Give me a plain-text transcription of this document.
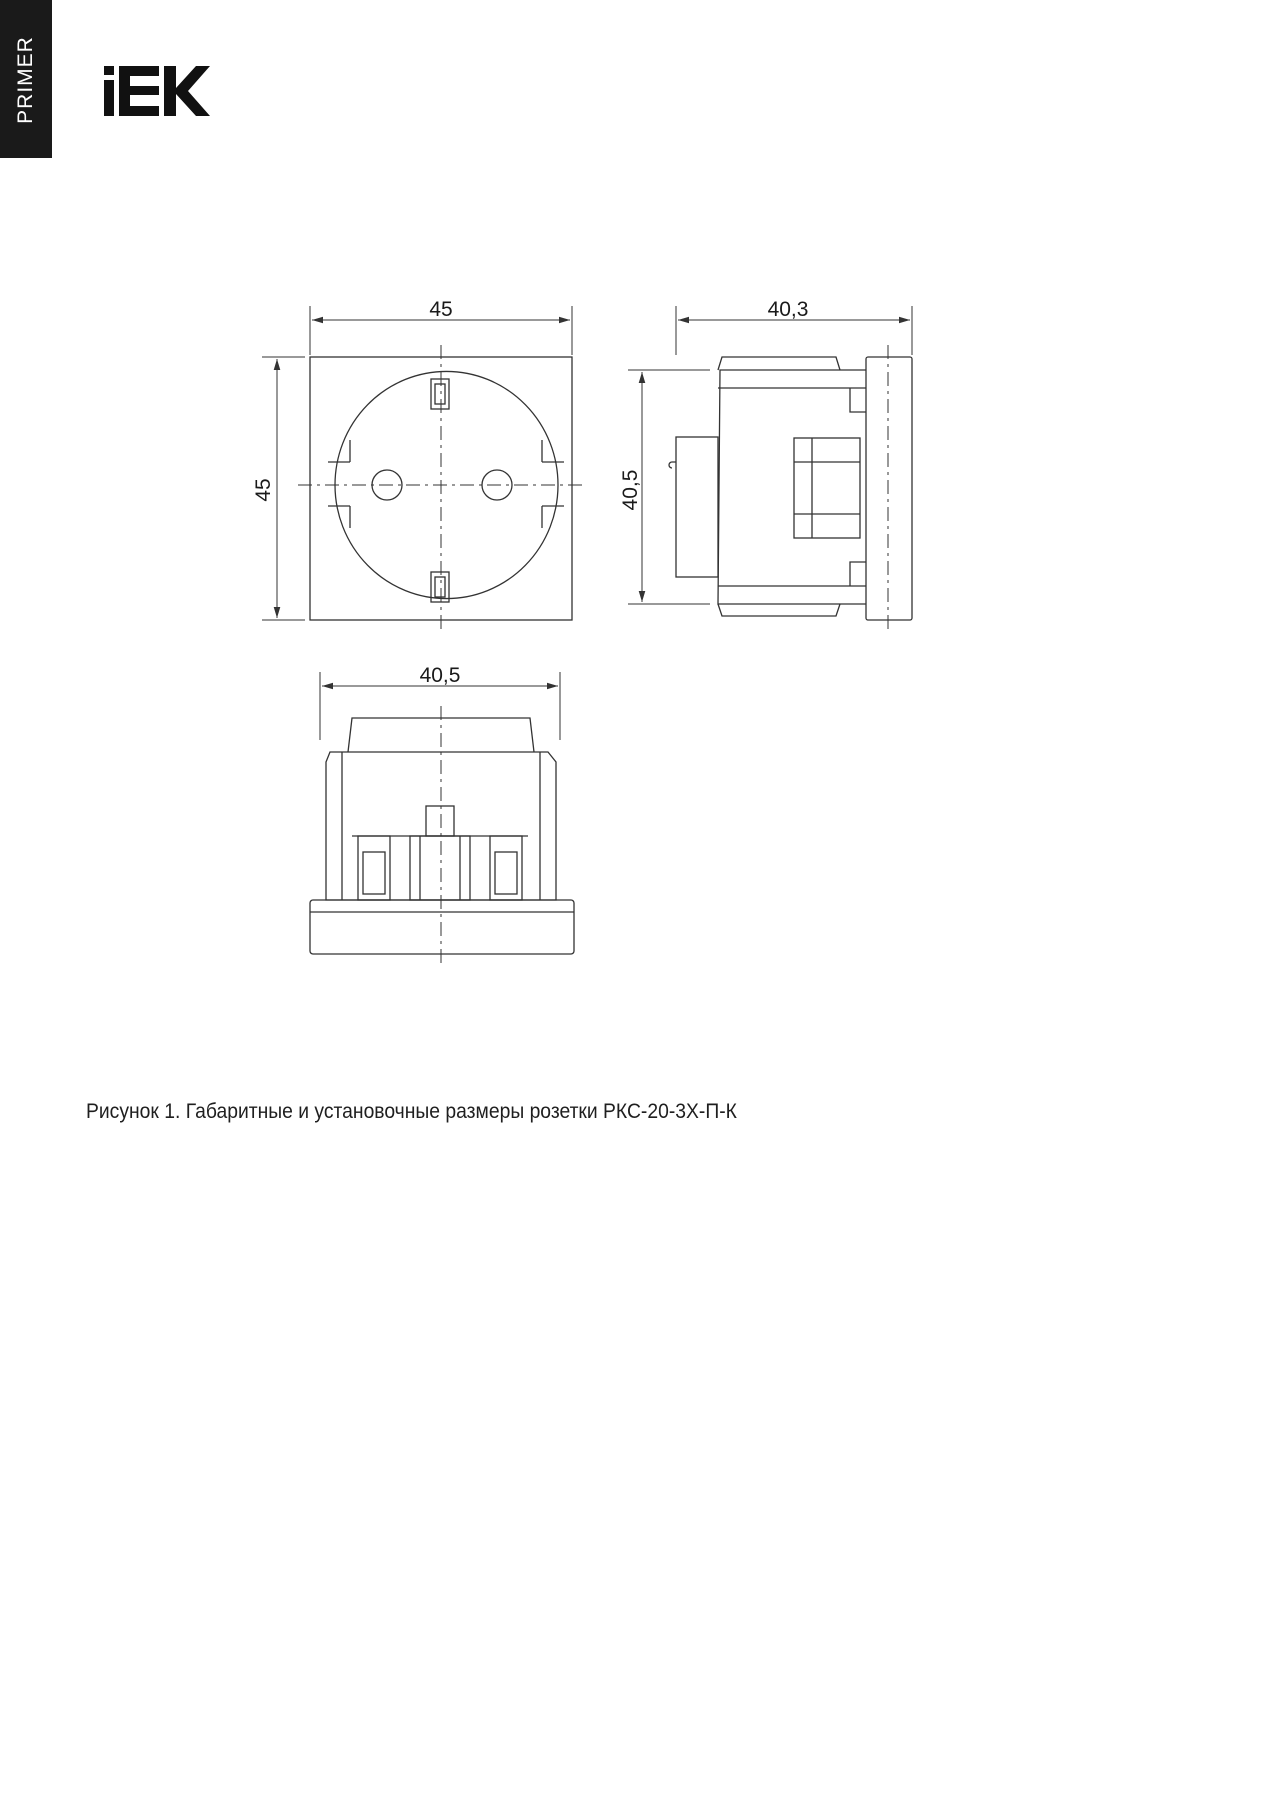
PRIMER
45
45
40,3
40,5
40,5

Рисунок 1. Габаритные и установочные размеры розетки РКС-20-3Х-П-К
